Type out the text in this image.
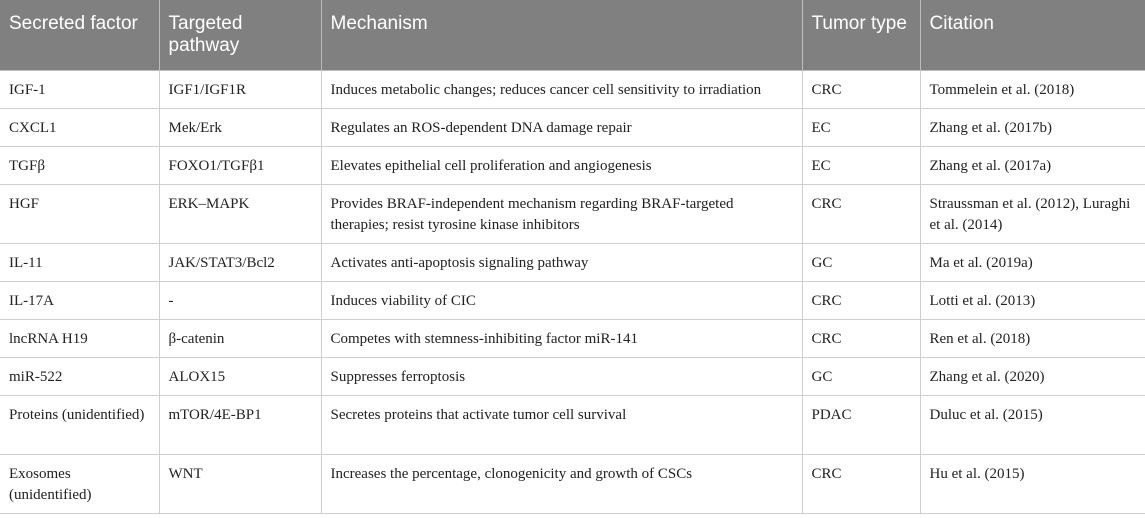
Secreted factor	Targeted pathway	Mechanism	Tumor type	Citation
IGF-1	IGF1/IGF1R	Induces metabolic changes; reduces cancer cell sensitivity to irradiation	CRC	Tommelein et al. (2018)
CXCL1	Mek/Erk	Regulates an ROS-dependent DNA damage repair	EC	Zhang et al. (2017b)
TGFβ	FOXO1/TGFβ1	Elevates epithelial cell proliferation and angiogenesis	EC	Zhang et al. (2017a)
HGF	ERK–MAPK	Provides BRAF-independent mechanism regarding BRAF-targeted therapies; resist tyrosine kinase inhibitors	CRC	Straussman et al. (2012), Luraghi et al. (2014)
IL-11	JAK/STAT3/Bcl2	Activates anti-apoptosis signaling pathway	GC	Ma et al. (2019a)
IL-17A	-	Induces viability of CIC	CRC	Lotti et al. (2013)
lncRNA H19	β-catenin	Competes with stemness-inhibiting factor miR-141	CRC	Ren et al. (2018)
miR-522	ALOX15	Suppresses ferroptosis	GC	Zhang et al. (2020)
Proteins (unidentified)	mTOR/4E-BP1	Secretes proteins that activate tumor cell survival	PDAC	Duluc et al. (2015)
Exosomes (unidentified)	WNT	Increases the percentage, clonogenicity and growth of CSCs	CRC	Hu et al. (2015)
